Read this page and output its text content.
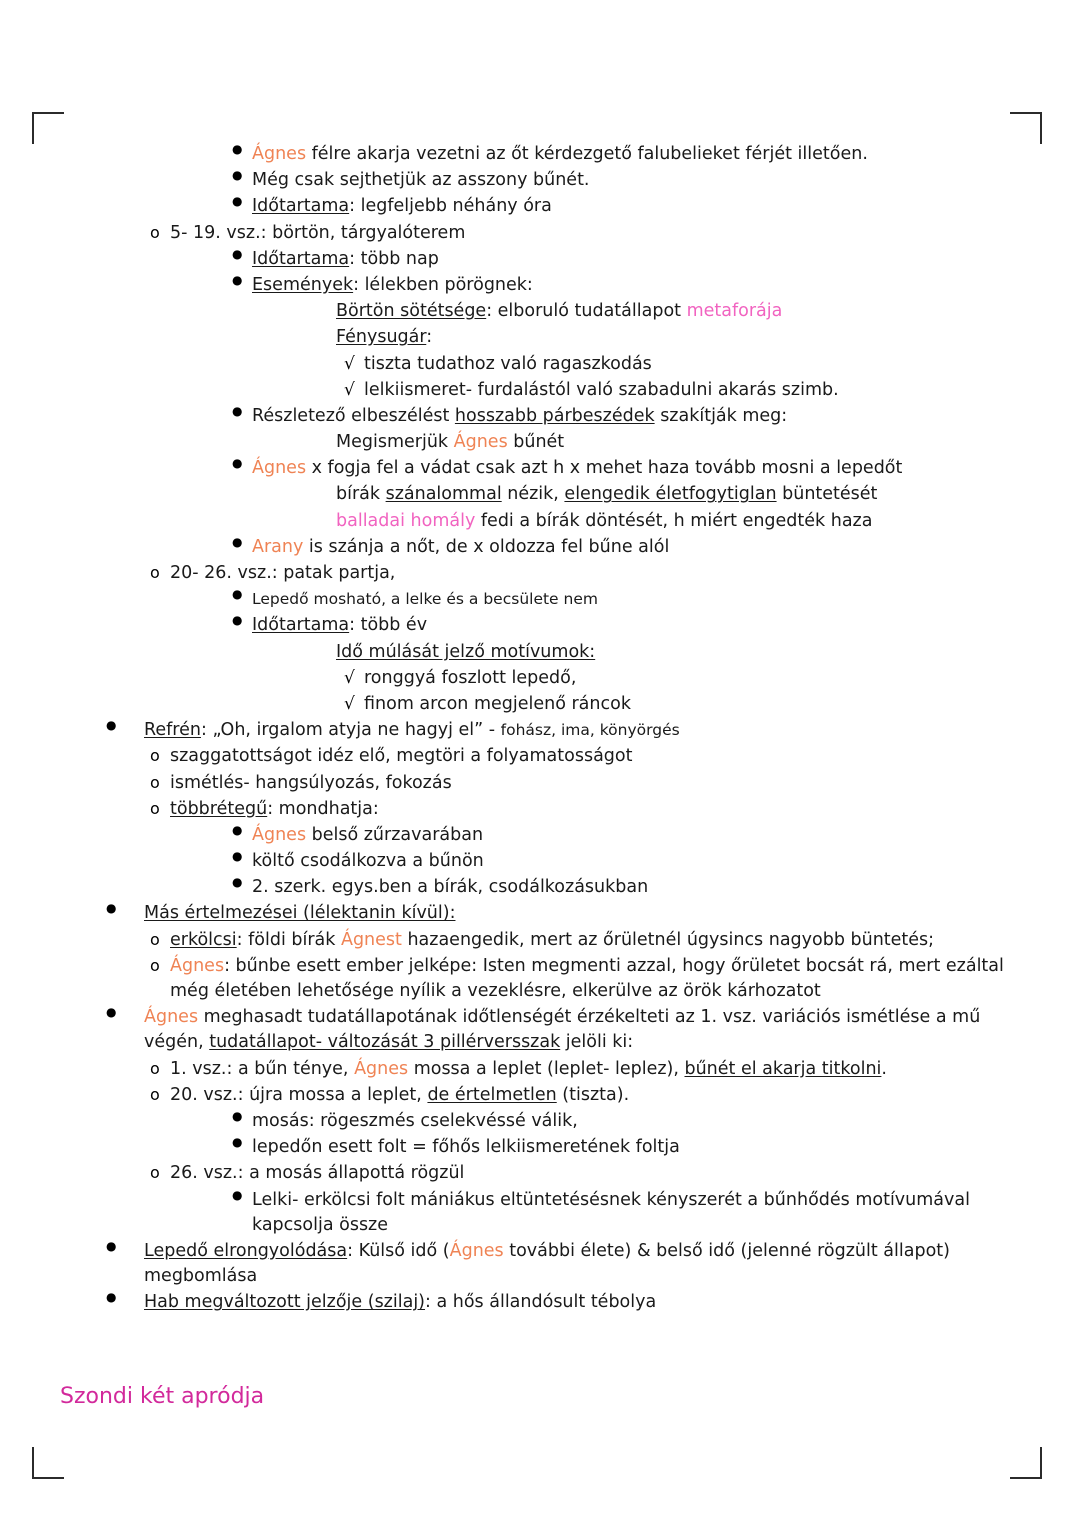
● Ágnes félre akarja vezetni az őt kérdezgető falubelieket férjét illetően.
● Még csak sejthetjük az asszony bűnét.
● Időtartama: legfeljebb néhány óra
o 5- 19. vsz.: börtön, tárgyalóterem
● Időtartama: több nap
● Események: lélekben pörögnek:
Börtön sötétsége: elboruló tudatállapot metaforája
Fénysugár:
√ tiszta tudathoz való ragaszkodás
√ lelkiismeret- furdalástól való szabadulni akarás szimb.
● Részletező elbeszélést hosszabb párbeszédek szakítják meg:
Megismerjük Ágnes bűnét
● Ágnes x fogja fel a vádat csak azt h x mehet haza tovább mosni a lepedőt
bírák szánalommal nézik, elengedik életfogytiglan büntetését
balladai homály fedi a bírák döntését, h miért engedték haza
● Arany is szánja a nőt, de x oldozza fel bűne alól
o 20- 26. vsz.: patak partja,
● Lepedő mosható, a lelke és a becsülete nem
● Időtartama: több év
Idő múlását jelző motívumok:
√ ronggyá foszlott lepedő,
√ finom arcon megjelenő ráncok
● Refrén: „Oh, irgalom atyja ne hagyj el” - fohász, ima, könyörgés
o szaggatottságot idéz elő, megtöri a folyamatosságot
o ismétlés- hangsúlyozás, fokozás
o többrétegű: mondhatja:
● Ágnes belső zűrzavarában
● költő csodálkozva a bűnön
● 2. szerk. egys.ben a bírák, csodálkozásukban
● Más értelmezései (lélektanin kívül):
o erkölcsi: földi bírák Ágnest hazaengedik, mert az őrületnél úgysincs nagyobb büntetés;
o Ágnes: bűnbe esett ember jelképe: Isten megmenti azzal, hogy őrületet bocsát rá, mert ezáltal még életében lehetősége nyílik a vezeklésre, elkerülve az örök kárhozatot
● Ágnes meghasadt tudatállapotának időtlenségét érzékelteti az 1. vsz. variációs ismétlése a mű végén, tudatállapot- változását 3 pillérversszak jelöli ki:
o 1. vsz.: a bűn ténye, Ágnes mossa a leplet (leplet- leplez), bűnét el akarja titkolni.
o 20. vsz.: újra mossa a leplet, de értelmetlen (tiszta).
● mosás: rögeszmés cselekvéssé válik,
● lepedőn esett folt = főhős lelkiismeretének foltja
o 26. vsz.: a mosás állapottá rögzül
● Lelki- erkölcsi folt mániákus eltüntetésésnek kényszerét a bűnhődés motívumával kapcsolja össze
● Lepedő elrongyolódása: Külső idő (Ágnes további élete) & belső idő (jelenné rögzült állapot) megbomlása
● Hab megváltozott jelzője (szilaj): a hős állandósult tébolya
Szondi két apródja
